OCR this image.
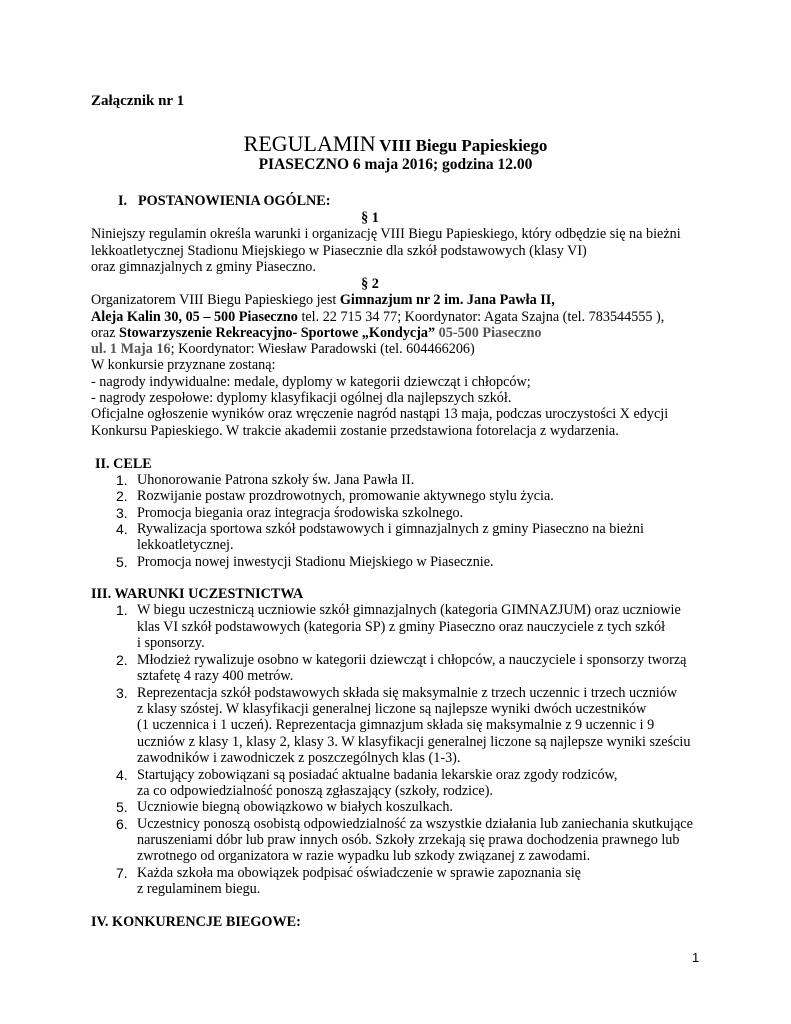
Załącznik nr 1
REGULAMIN VIII Biegu Papieskiego
PIASECZNO 6 maja 2016; godzina 12.00
I. POSTANOWIENIA OGÓLNE:
§ 1
Niniejszy regulamin określa warunki i organizację VIII Biegu Papieskiego, który odbędzie się na bieżni
lekkoatletycznej Stadionu Miejskiego w Piasecznie dla szkół podstawowych (klasy VI)
oraz gimnazjalnych z gminy Piaseczno.
§ 2
Organizatorem VIII Biegu Papieskiego jest Gimnazjum nr 2 im. Jana Pawła II,
Aleja Kalin 30, 05 – 500 Piaseczno tel. 22 715 34 77; Koordynator: Agata Szajna (tel. 783544555 ),
oraz Stowarzyszenie Rekreacyjno- Sportowe „Kondycja” 05-500 Piaseczno
ul. 1 Maja 16; Koordynator: Wiesław Paradowski (tel. 604466206)
W konkursie przyznane zostaną:
- nagrody indywidualne: medale, dyplomy w kategorii dziewcząt i chłopców;
- nagrody zespołowe: dyplomy klasyfikacji ogólnej dla najlepszych szkół.
Oficjalne ogłoszenie wyników oraz wręczenie nagród nastąpi 13 maja, podczas uroczystości X edycji
Konkursu Papieskiego. W trakcie akademii zostanie przedstawiona fotorelacja z wydarzenia.
II. CELE
1. Uhonorowanie Patrona szkoły św. Jana Pawła II.
2. Rozwijanie postaw prozdrowotnych, promowanie aktywnego stylu życia.
3. Promocja biegania oraz integracja środowiska szkolnego.
4. Rywalizacja sportowa szkół podstawowych i gimnazjalnych z gminy Piaseczno na bieżni
lekkoatletycznej.
5. Promocja nowej inwestycji Stadionu Miejskiego w Piasecznie.
III. WARUNKI UCZESTNICTWA
1. W biegu uczestniczą uczniowie szkół gimnazjalnych (kategoria GIMNAZJUM) oraz uczniowie
klas VI szkół podstawowych (kategoria SP) z gminy Piaseczno oraz nauczyciele z tych szkół
i sponsorzy.
2. Młodzież rywalizuje osobno w kategorii dziewcząt i chłopców, a nauczyciele i sponsorzy tworzą
sztafetę 4 razy 400 metrów.
3. Reprezentacja szkół podstawowych składa się maksymalnie z trzech uczennic i trzech uczniów
z klasy szóstej. W klasyfikacji generalnej liczone są najlepsze wyniki dwóch uczestników
(1 uczennica i 1 uczeń). Reprezentacja gimnazjum składa się maksymalnie z 9 uczennic i 9
uczniów z klasy 1, klasy 2, klasy 3. W klasyfikacji generalnej liczone są najlepsze wyniki sześciu
zawodników i zawodniczek z poszczególnych klas (1-3).
4. Startujący zobowiązani są posiadać aktualne badania lekarskie oraz zgody rodziców,
za co odpowiedzialność ponoszą zgłaszający (szkoły, rodzice).
5. Uczniowie biegną obowiązkowo w białych koszulkach.
6. Uczestnicy ponoszą osobistą odpowiedzialność za wszystkie działania lub zaniechania skutkujące
naruszeniami dóbr lub praw innych osób. Szkoły zrzekają się prawa dochodzenia prawnego lub
zwrotnego od organizatora w razie wypadku lub szkody związanej z zawodami.
7. Każda szkoła ma obowiązek podpisać oświadczenie w sprawie zapoznania się
z regulaminem biegu.
IV. KONKURENCJE BIEGOWE:
1
